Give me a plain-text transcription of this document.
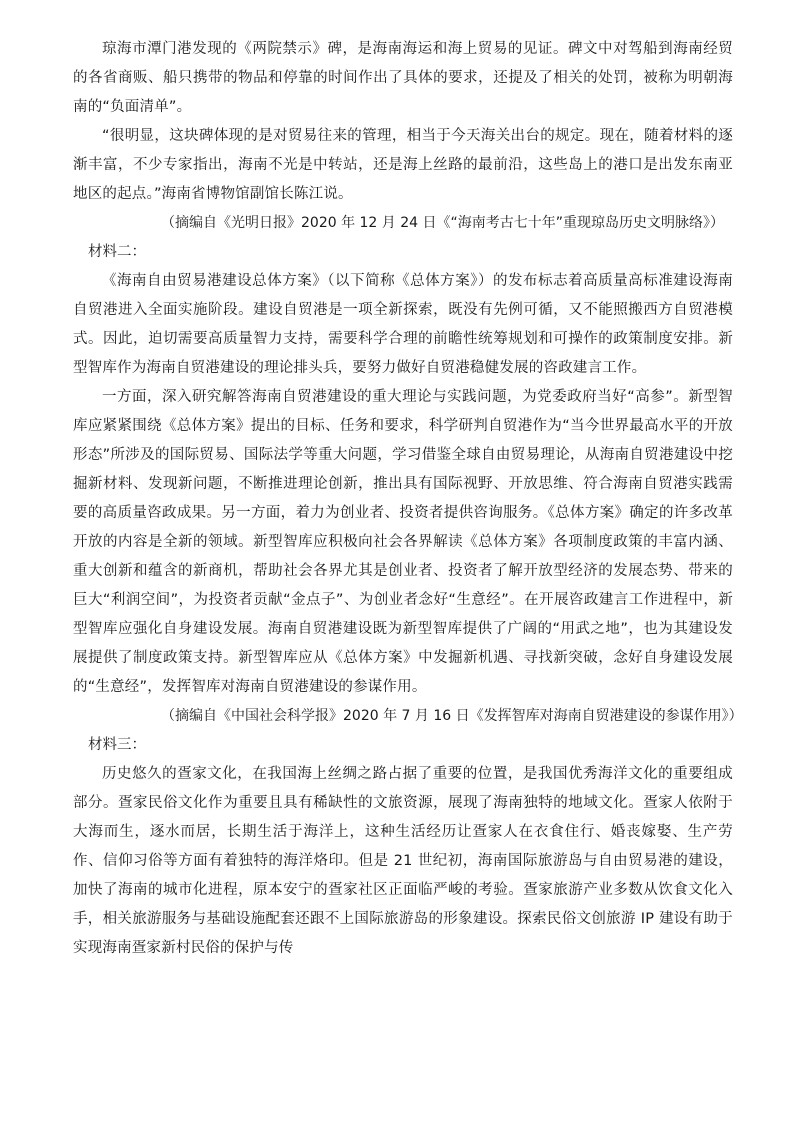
琼海市潭门港发现的《两院禁示》碑，是海南海运和海上贸易的见证。碑文中对驾船到海南经贸的各省商贩、船只携带的物品和停靠的时间作出了具体的要求，还提及了相关的处罚，被称为明朝海南的“负面清单”。

“很明显，这块碑体现的是对贸易往来的管理，相当于今天海关出台的规定。现在，随着材料的逐渐丰富，不少专家指出，海南不光是中转站，还是海上丝路的最前沿，这些岛上的港口是出发东南亚地区的起点。”海南省博物馆副馆长陈江说。

（摘编自《光明日报》2020 年 12 月 24 日《“海南考古七十年”重现琼岛历史文明脉络》）

材料二：

《海南自由贸易港建设总体方案》（以下简称《总体方案》）的发布标志着高质量高标准建设海南自贸港进入全面实施阶段。建设自贸港是一项全新探索，既没有先例可循，又不能照搬西方自贸港模式。因此，迫切需要高质量智力支持，需要科学合理的前瞻性统筹规划和可操作的政策制度安排。新型智库作为海南自贸港建设的理论排头兵，要努力做好自贸港稳健发展的咨政建言工作。

一方面，深入研究解答海南自贸港建设的重大理论与实践问题，为党委政府当好“高参”。新型智库应紧紧围绕《总体方案》提出的目标、任务和要求，科学研判自贸港作为“当今世界最高水平的开放形态”所涉及的国际贸易、国际法学等重大问题，学习借鉴全球自由贸易理论，从海南自贸港建设中挖掘新材料、发现新问题，不断推进理论创新，推出具有国际视野、开放思维、符合海南自贸港实践需要的高质量咨政成果。另一方面，着力为创业者、投资者提供咨询服务。《总体方案》确定的许多改革开放的内容是全新的领域。新型智库应积极向社会各界解读《总体方案》各项制度政策的丰富内涵、重大创新和蕴含的新商机，帮助社会各界尤其是创业者、投资者了解开放型经济的发展态势、带来的巨大“利润空间”，为投资者贡献“金点子”、为创业者念好“生意经”。在开展咨政建言工作进程中，新型智库应强化自身建设发展。海南自贸港建设既为新型智库提供了广阔的“用武之地”，也为其建设发展提供了制度政策支持。新型智库应从《总体方案》中发掘新机遇、寻找新突破，念好自身建设发展的“生意经”，发挥智库对海南自贸港建设的参谋作用。

（摘编自《中国社会科学报》2020 年 7 月 16 日《发挥智库对海南自贸港建设的参谋作用》）

材料三：

历史悠久的疍家文化，在我国海上丝绸之路占据了重要的位置，是我国优秀海洋文化的重要组成部分。疍家民俗文化作为重要且具有稀缺性的文旅资源，展现了海南独特的地域文化。疍家人依附于大海而生，逐水而居，长期生活于海洋上，这种生活经历让疍家人在衣食住行、婚丧嫁娶、生产劳作、信仰习俗等方面有着独特的海洋烙印。但是 21 世纪初，海南国际旅游岛与自由贸易港的建设，加快了海南的城市化进程，原本安宁的疍家社区正面临严峻的考验。疍家旅游产业多数从饮食文化入手，相关旅游服务与基础设施配套还跟不上国际旅游岛的形象建设。探索民俗文创旅游 IP 建设有助于实现海南疍家新村民俗的保护与传
